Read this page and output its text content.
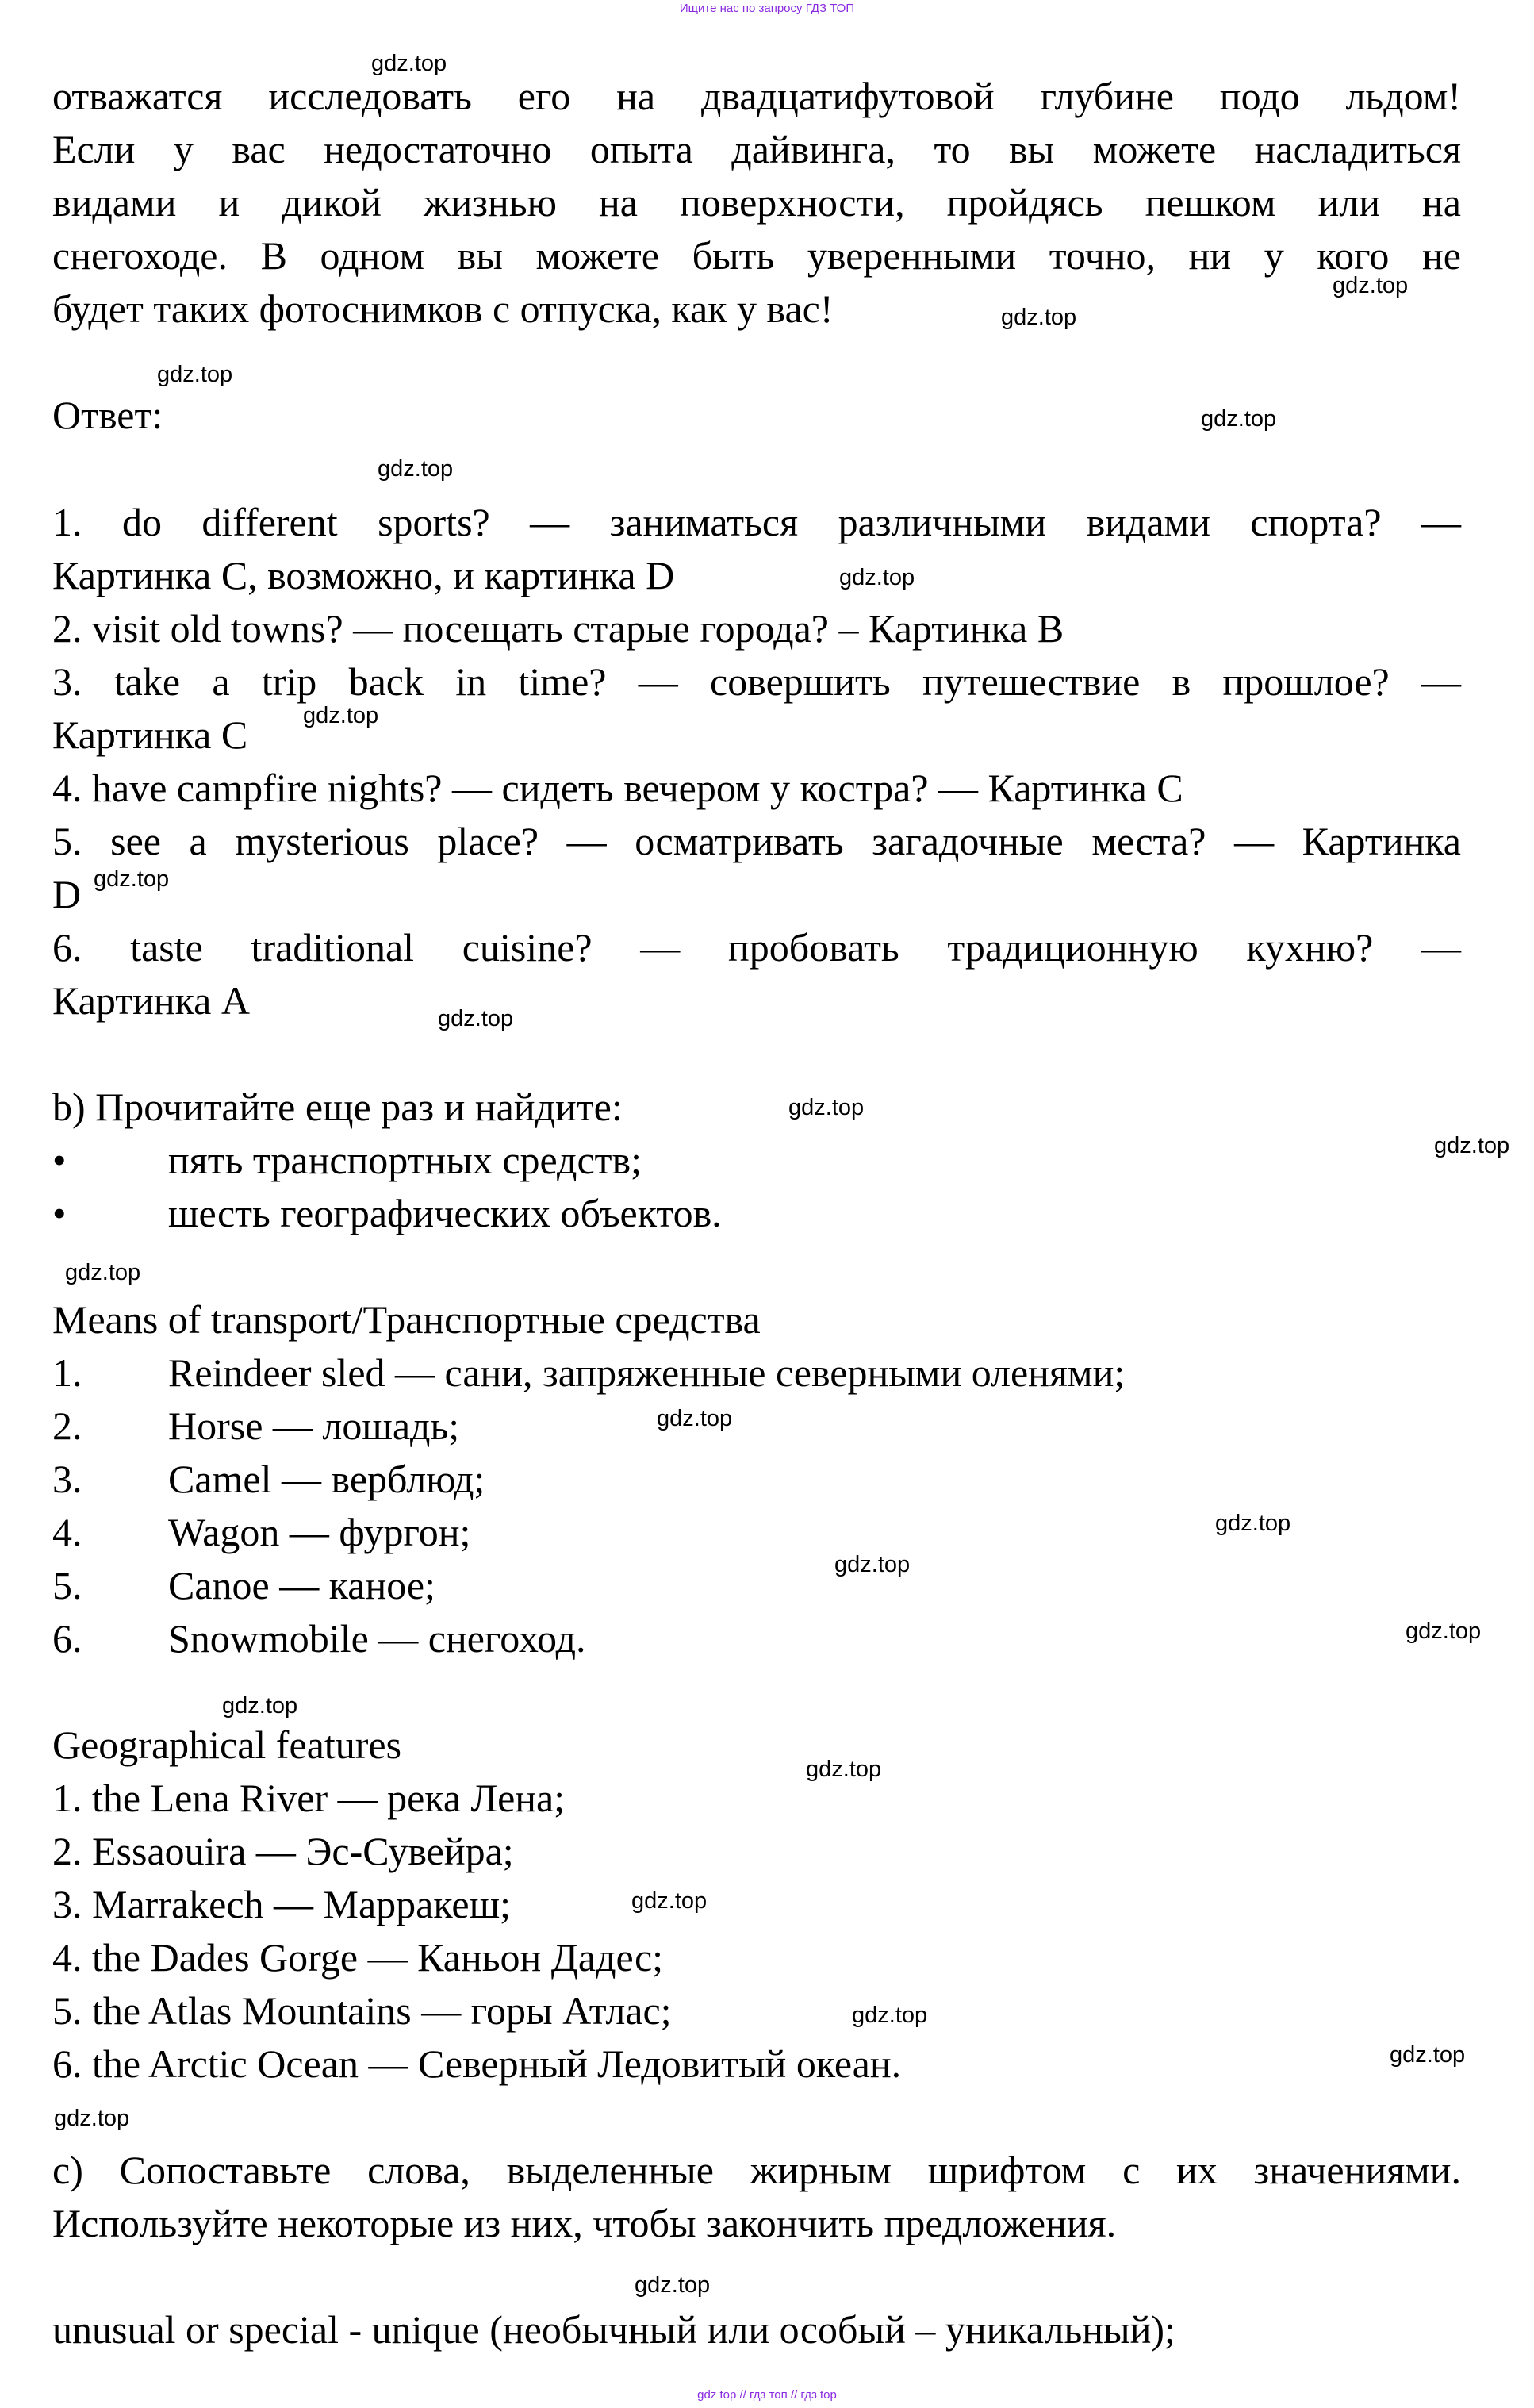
Ищите нас по запросу ГДЗ ТОП
отважатся исследовать его на двадцатифутовой глубине подо льдом!
Если у вас недостаточно опыта дайвинга, то вы можете насладиться
видами и дикой жизнью на поверхности, пройдясь пешком или на
снегоходе. В одном вы можете быть уверенными точно, ни у кого не
будет таких фотоснимков с отпуска, как у вас!
Ответ:
1. do different sports? — заниматься различными видами спорта? —
Картинка С, возможно, и картинка D
2. visit old towns? — посещать старые города? – Картинка В
3. take a trip back in time? — совершить путешествие в прошлое? —
Картинка С
4. have campfire nights? — сидеть вечером у костра? — Картинка С
5. see a mysterious place? — осматривать загадочные места? — Картинка
D
6. taste traditional cuisine? — пробовать традиционную кухню? —
Картинка А
b) Прочитайте еще раз и найдите:
•	пять транспортных средств;
•	шесть географических объектов.
Means of transport/Транспортные средства
1. Reindeer sled — сани, запряженные северными оленями;
2. Horse — лошадь;
3. Camel — верблюд;
4. Wagon — фургон;
5. Canoe — каное;
6. Snowmobile — снегоход.
Geographical features
1. the Lena River — река Лена;
2. Essaouira — Эс-Сувейра;
3. Marrakech — Марракеш;
4. the Dades Gorge — Каньон Дадес;
5. the Atlas Mountains — горы Атлас;
6. the Arctic Ocean — Северный Ледовитый океан.
c) Сопоставьте слова, выделенные жирным шрифтом с их значениями.
Используйте некоторые из них, чтобы закончить предложения.
unusual or special - unique (необычный или особый – уникальный);
gdz.top
gdz.top
gdz.top
gdz.top
gdz.top
gdz.top
gdz.top
gdz.top
gdz.top
gdz.top
gdz.top
gdz.top
gdz.top
gdz.top
gdz.top
gdz.top
gdz.top
gdz.top
gdz.top
gdz.top
gdz.top
gdz.top
gdz.top
gdz.top
gdz top // гдз топ // гдз top
